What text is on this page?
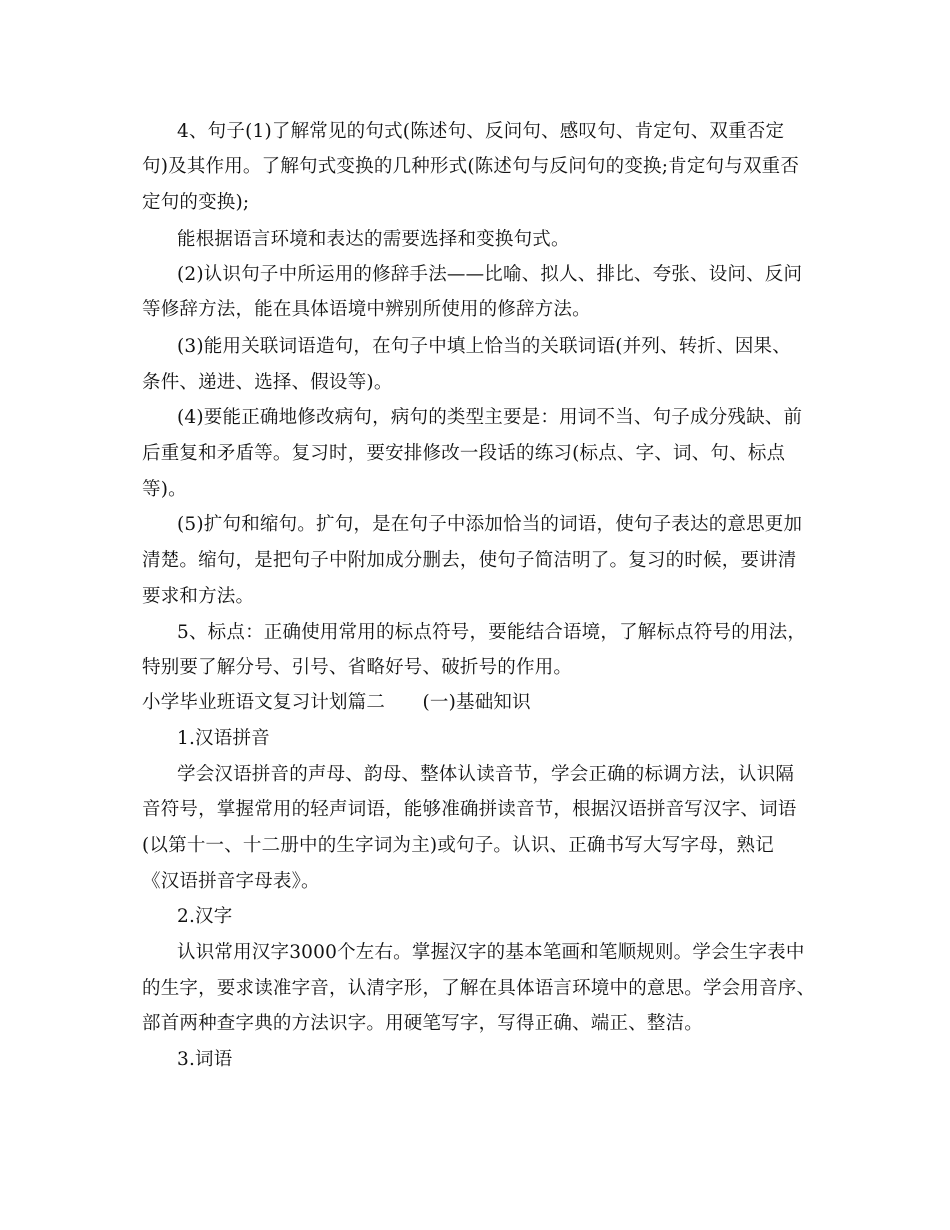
4、句子(1)了解常见的句式(陈述句、反问句、感叹句、肯定句、双重否定
句)及其作用。了解句式变换的几种形式(陈述句与反问句的变换;肯定句与双重否
定句的变换);
能根据语言环境和表达的需要选择和变换句式。
(2)认识句子中所运用的修辞手法——比喻、拟人、排比、夸张、设问、反问
等修辞方法，能在具体语境中辨别所使用的修辞方法。
(3)能用关联词语造句，在句子中填上恰当的关联词语(并列、转折、因果、
条件、递进、选择、假设等)。
(4)要能正确地修改病句，病句的类型主要是：用词不当、句子成分残缺、前
后重复和矛盾等。复习时，要安排修改一段话的练习(标点、字、词、句、标点
等)。
(5)扩句和缩句。扩句，是在句子中添加恰当的词语，使句子表达的意思更加
清楚。缩句，是把句子中附加成分删去，使句子简洁明了。复习的时候，要讲清
要求和方法。
5、标点：正确使用常用的标点符号，要能结合语境，了解标点符号的用法，
特别要了解分号、引号、省略好号、破折号的作用。
小学毕业班语文复习计划篇二　　(一)基础知识
1.汉语拼音
学会汉语拼音的声母、韵母、整体认读音节，学会正确的标调方法，认识隔
音符号，掌握常用的轻声词语，能够准确拼读音节，根据汉语拼音写汉字、词语
(以第十一、十二册中的生字词为主)或句子。认识、正确书写大写字母，熟记
《汉语拼音字母表》。
2.汉字
认识常用汉字3000个左右。掌握汉字的基本笔画和笔顺规则。学会生字表中
的生字，要求读准字音，认清字形，了解在具体语言环境中的意思。学会用音序、
部首两种查字典的方法识字。用硬笔写字，写得正确、端正、整洁。
3.词语
